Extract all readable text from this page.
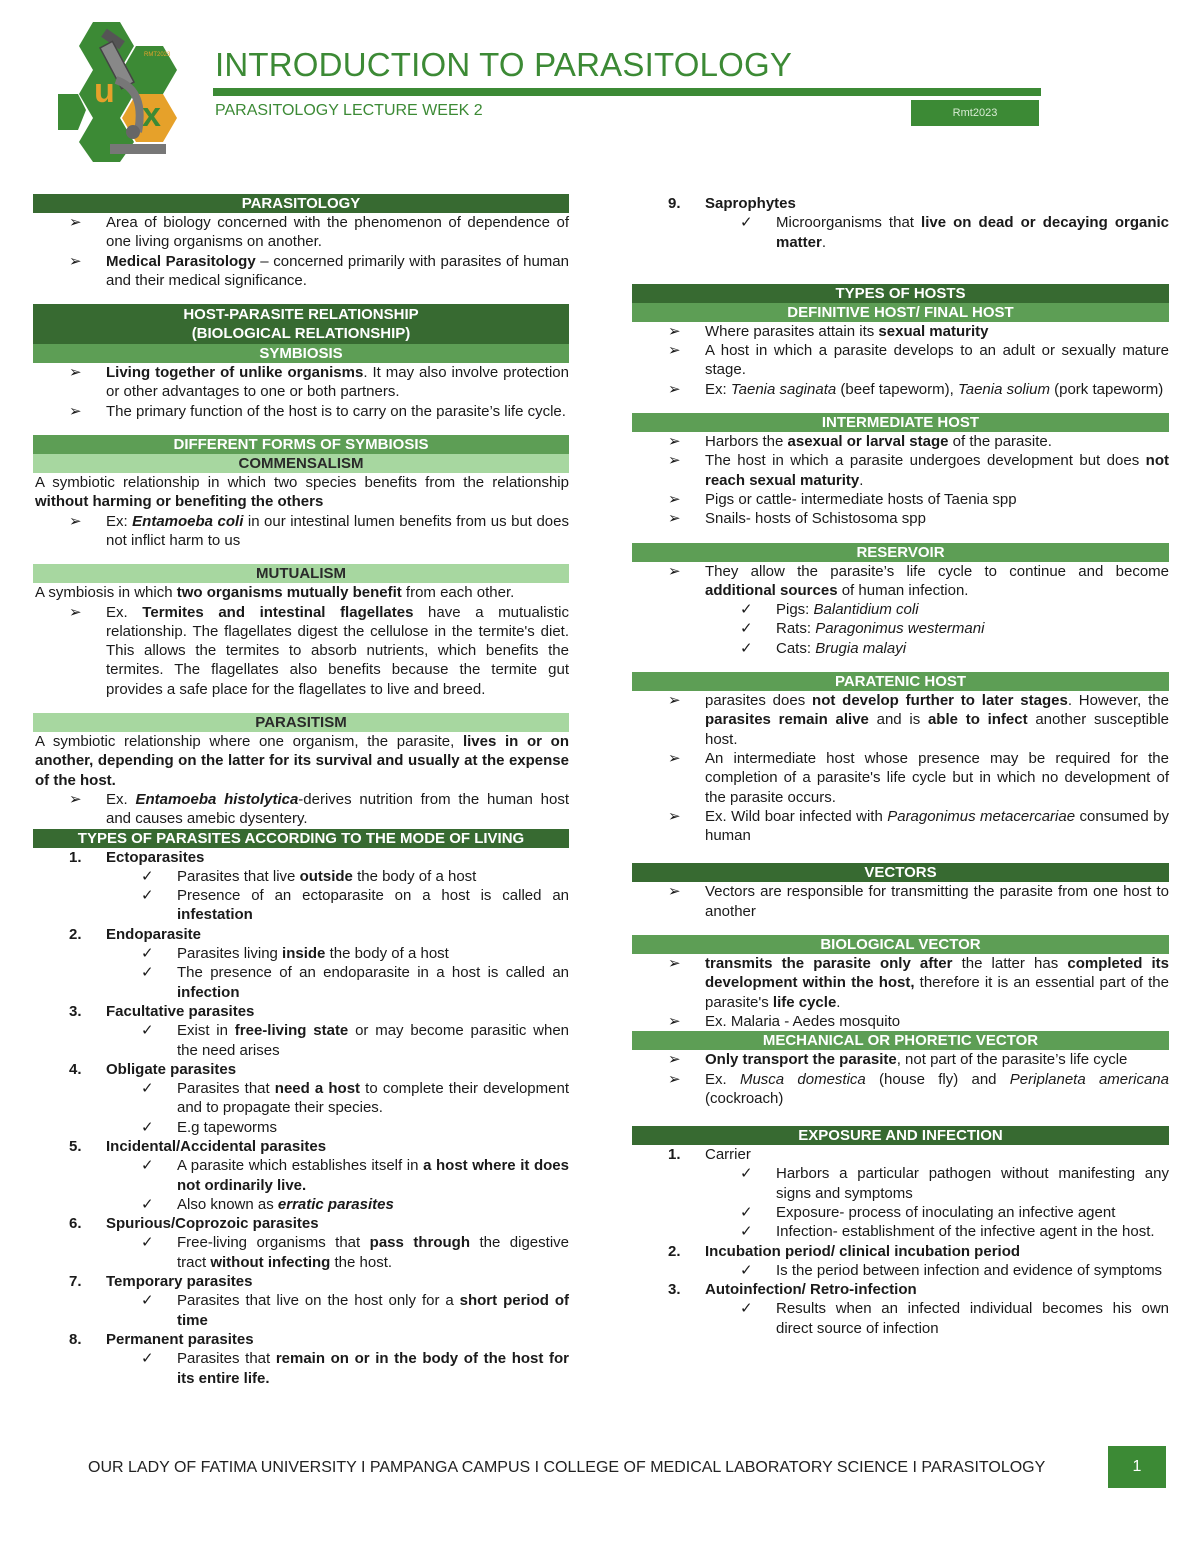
u
x
RMT2023 INTRODUCTION TO PARASITOLOGY
PARASITOLOGY LECTURE WEEK 2	Rmt2023
PARASITOLOGY
➢	Area of biology concerned with the phenomenon of dependence of one living organisms on another.
➢	Medical Parasitology – concerned primarily with parasites of human and their medical significance.
HOST-PARASITE RELATIONSHIP
(BIOLOGICAL RELATIONSHIP)
SYMBIOSIS
➢	Living together of unlike organisms. It may also involve protection or other advantages to one or both partners.
➢	The primary function of the host is to carry on the parasite’s life cycle.
DIFFERENT FORMS OF SYMBIOSIS
COMMENSALISM
A symbiotic relationship in which two species benefits from the relationship without harming or benefiting the others
➢	Ex: Entamoeba coli in our intestinal lumen benefits from us but does not inflict harm to us
MUTUALISM
A symbiosis in which two organisms mutually benefit from each other.
➢	Ex. Termites and intestinal flagellates have a mutualistic relationship. The flagellates digest the cellulose in the termite's diet. This allows the termites to absorb nutrients, which benefits the termites. The flagellates also benefits because the termite gut provides a safe place for the flagellates to live and breed.
PARASITISM
A symbiotic relationship where one organism, the parasite, lives in or on another, depending on the latter for its survival and usually at the expense of the host.
➢	Ex. Entamoeba histolytica-derives nutrition from the human host and causes amebic dysentery.
TYPES OF PARASITES ACCORDING TO THE MODE OF LIVING
1.	Ectoparasites
✓	Parasites that live outside the body of a host
✓	Presence of an ectoparasite on a host is called an infestation
2.	Endoparasite
✓	Parasites living inside the body of a host
✓	The presence of an endoparasite in a host is called an infection
3.	Facultative parasites
✓	Exist in free-living state or may become parasitic when the need arises
4.	Obligate parasites
✓	Parasites that need a host to complete their development and to propagate their species.
✓	E.g tapeworms
5.	Incidental/Accidental parasites
✓	A parasite which establishes itself in a host where it does not ordinarily live.
✓	Also known as erratic parasites
6.	Spurious/Coprozoic parasites
✓	Free-living organisms that pass through the digestive tract without infecting the host.
7.	Temporary parasites
✓	Parasites that live on the host only for a short period of time
8.	Permanent parasites
✓	Parasites that remain on or in the body of the host for its entire life.
9.	Saprophytes
✓	Microorganisms that live on dead or decaying organic matter.
TYPES OF HOSTS
DEFINITIVE HOST/ FINAL HOST
➢	Where parasites attain its sexual maturity
➢	A host in which a parasite develops to an adult or sexually mature stage.
➢	Ex: Taenia saginata (beef tapeworm), Taenia solium (pork tapeworm)
INTERMEDIATE HOST
➢	Harbors the asexual or larval stage of the parasite.
➢	The host in which a parasite undergoes development but does not reach sexual maturity.
➢	Pigs or cattle- intermediate hosts of Taenia spp
➢	Snails- hosts of Schistosoma spp
RESERVOIR
➢	They allow the parasite’s life cycle to continue and become additional sources of human infection.
✓	Pigs: Balantidium coli
✓	Rats: Paragonimus westermani
✓	Cats: Brugia malayi
PARATENIC HOST
➢	parasites does not develop further to later stages. However, the parasites remain alive and is able to infect another susceptible host.
➢	An intermediate host whose presence may be required for the completion of a parasite's life cycle but in which no development of the parasite occurs.
➢	Ex. Wild boar infected with Paragonimus metacercariae consumed by human
VECTORS
➢	Vectors are responsible for transmitting the parasite from one host to another
BIOLOGICAL VECTOR
➢	transmits the parasite only after the latter has completed its development within the host, therefore it is an essential part of the parasite's life cycle.
➢	Ex. Malaria - Aedes mosquito
MECHANICAL OR PHORETIC VECTOR
➢	Only transport the parasite, not part of the parasite’s life cycle
➢	Ex. Musca domestica (house fly) and Periplaneta americana (cockroach)
EXPOSURE AND INFECTION
1.	Carrier
✓	Harbors a particular pathogen without manifesting any signs and symptoms
✓	Exposure- process of inoculating an infective agent
✓	Infection- establishment of the infective agent in the host.
2.	Incubation period/ clinical incubation period
✓	Is the period between infection and evidence of symptoms
3.	Autoinfection/ Retro-infection
✓	Results when an infected individual becomes his own direct source of infection
OUR LADY OF FATIMA UNIVERSITY I PAMPANGA CAMPUS I COLLEGE OF MEDICAL LABORATORY SCIENCE I PARASITOLOGY	1
